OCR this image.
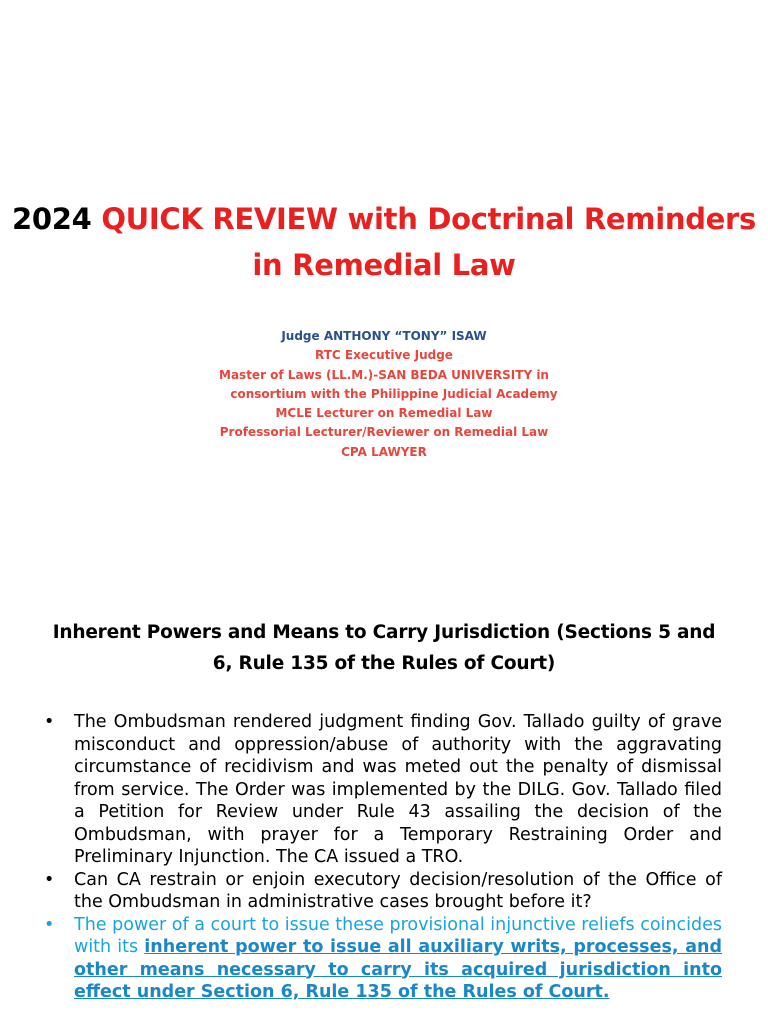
2024 QUICK REVIEW with Doctrinal Reminders in Remedial Law
Judge ANTHONY “TONY” ISAW
RTC Executive Judge
Master of Laws (LL.M.)-SAN BEDA UNIVERSITY in
consortium with the Philippine Judicial Academy
MCLE Lecturer on Remedial Law
Professorial Lecturer/Reviewer on Remedial Law
CPA LAWYER
Inherent Powers and Means to Carry Jurisdiction (Sections 5 and 6, Rule 135 of the Rules of Court)
• The Ombudsman rendered judgment finding Gov. Tallado guilty of grave misconduct and oppression/abuse of authority with the aggravating circumstance of recidivism and was meted out the penalty of dismissal from service. The Order was implemented by the DILG. Gov. Tallado filed a Petition for Review under Rule 43 assailing the decision of the Ombudsman, with prayer for a Temporary Restraining Order and Preliminary Injunction. The CA issued a TRO.
• Can CA restrain or enjoin executory decision/resolution of the Office of the Ombudsman in administrative cases brought before it?
• The power of a court to issue these provisional injunctive reliefs coincides with its inherent power to issue all auxiliary writs, processes, and other means necessary to carry its acquired jurisdiction into effect under Section 6, Rule 135 of the Rules of Court.
